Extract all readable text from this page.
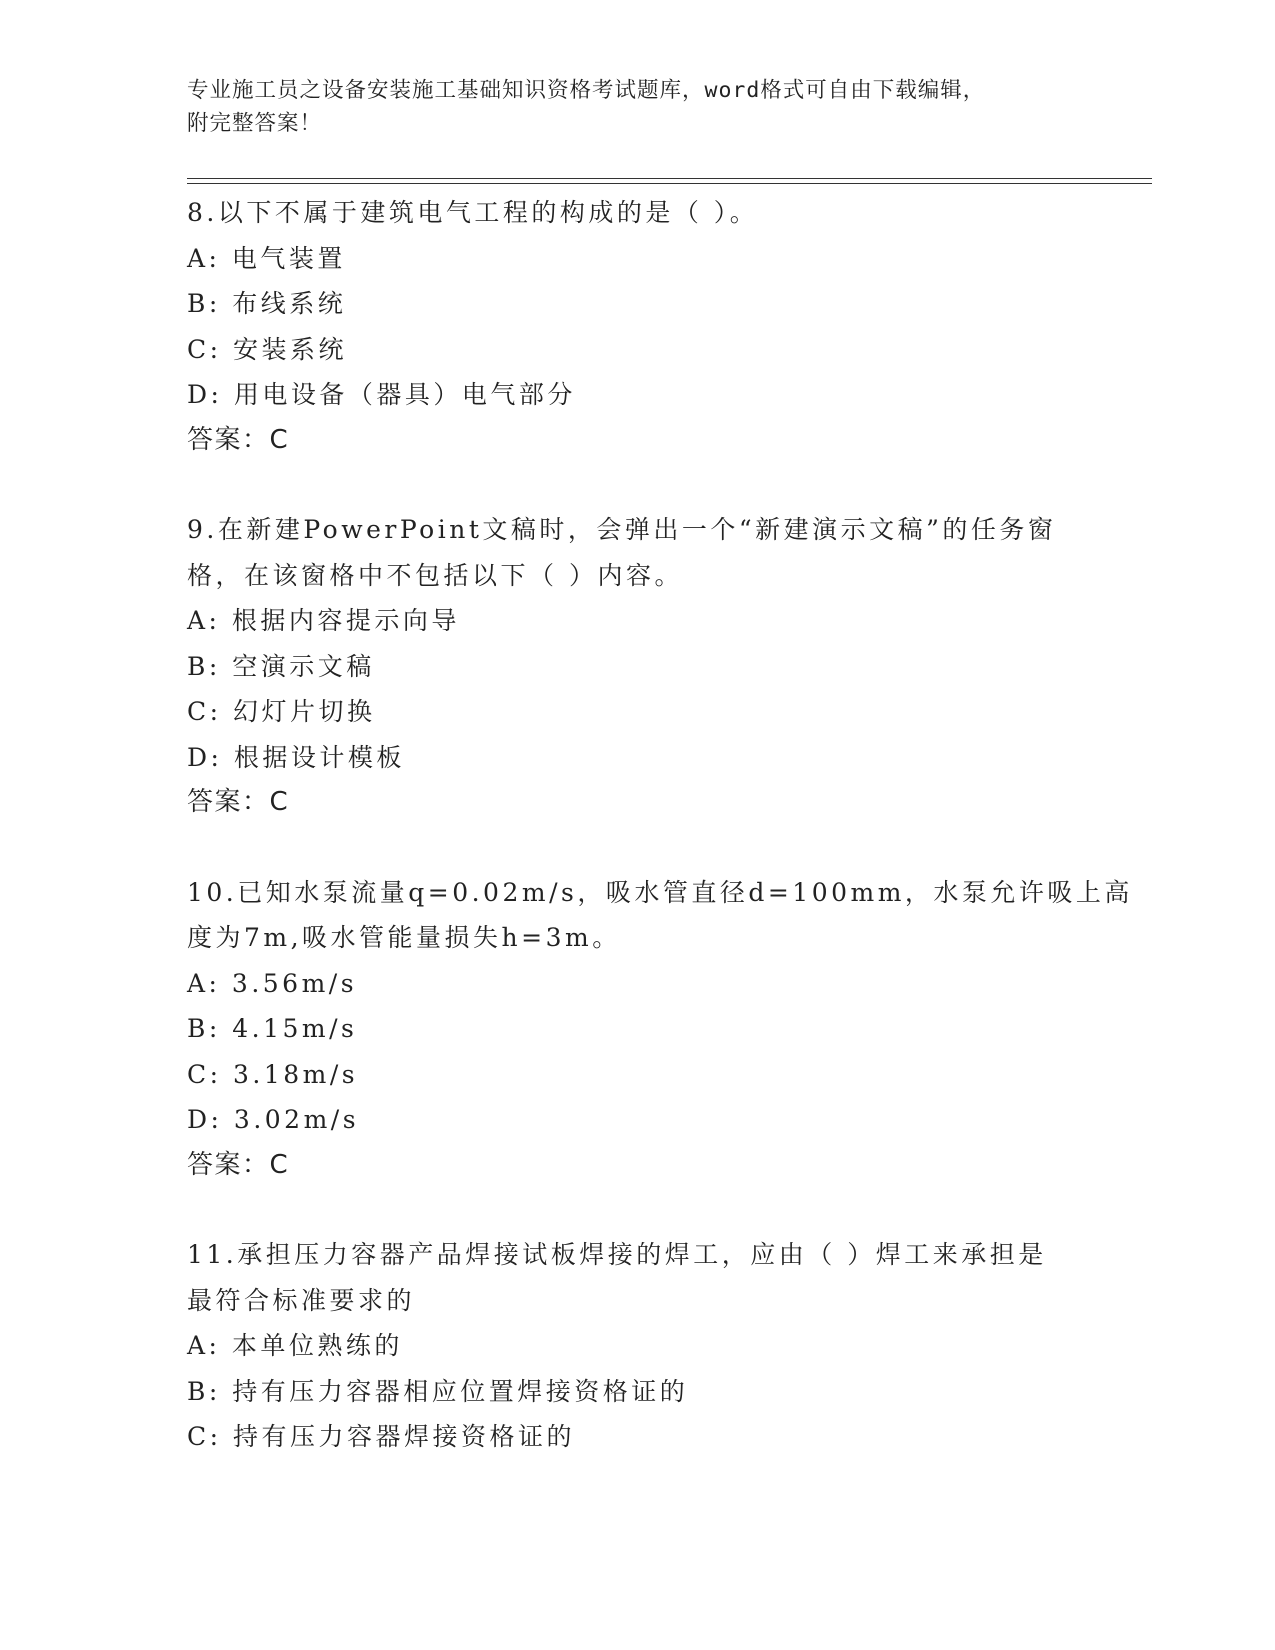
专业施工员之设备安装施工基础知识资格考试题库，word格式可自由下载编辑，
附完整答案！
8.以下不属于建筑电气工程的构成的是（ ）。
A: 电气装置
B: 布线系统
C: 安装系统
D: 用电设备（器具）电气部分
答案：C
9.在新建PowerPoint文稿时，会弹出一个“新建演示文稿”的任务窗
格，在该窗格中不包括以下（ ）内容。
A: 根据内容提示向导
B: 空演示文稿
C: 幻灯片切换
D: 根据设计模板
答案：C
10.已知水泵流量q=0.02m/s，吸水管直径d=100mm，水泵允许吸上高
度为7m,吸水管能量损失h=3m。
A: 3.56m/s
B: 4.15m/s
C: 3.18m/s
D: 3.02m/s
答案：C
11.承担压力容器产品焊接试板焊接的焊工，应由（ ）焊工来承担是
最符合标准要求的
A: 本单位熟练的
B: 持有压力容器相应位置焊接资格证的
C: 持有压力容器焊接资格证的
